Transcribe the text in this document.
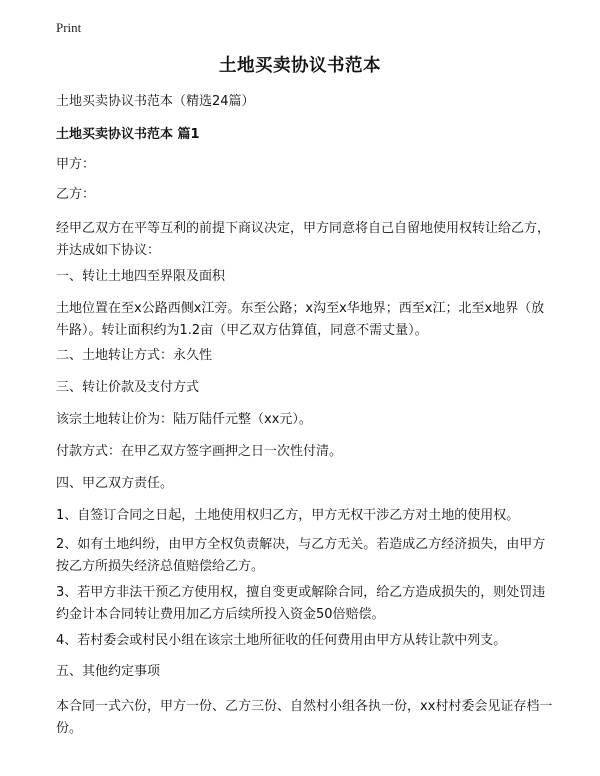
Print
土地买卖协议书范本

土地买卖协议书范本（精选24篇）

土地买卖协议书范本 篇1

甲方：

乙方：

经甲乙双方在平等互利的前提下商议决定，甲方同意将自己自留地使用权转让给乙方，并达成如下协议：

一、转让土地四至界限及面积

土地位置在至x公路西侧x江旁。东至公路；x沟至x华地界；西至x江；北至x地界（放牛路）。转让面积约为1.2亩（甲乙双方估算值，同意不需丈量）。

二、土地转让方式：永久性

三、转让价款及支付方式

该宗土地转让价为：陆万陆仟元整（xx元）。

付款方式：在甲乙双方签字画押之日一次性付清。

四、甲乙双方责任。

1、自签订合同之日起，土地使用权归乙方，甲方无权干涉乙方对土地的使用权。

2、如有土地纠纷，由甲方全权负责解决，与乙方无关。若造成乙方经济损失，由甲方按乙方所损失经济总值赔偿给乙方。

3、若甲方非法干预乙方使用权，擅自变更或解除合同，给乙方造成损失的，则处罚违约金计本合同转让费用加乙方后续所投入资金50倍赔偿。

4、若村委会或村民小组在该宗土地所征收的任何费用由甲方从转让款中列支。

五、其他约定事项

本合同一式六份，甲方一份、乙方三份、自然村小组各执一份，xx村村委会见证存档一份。
